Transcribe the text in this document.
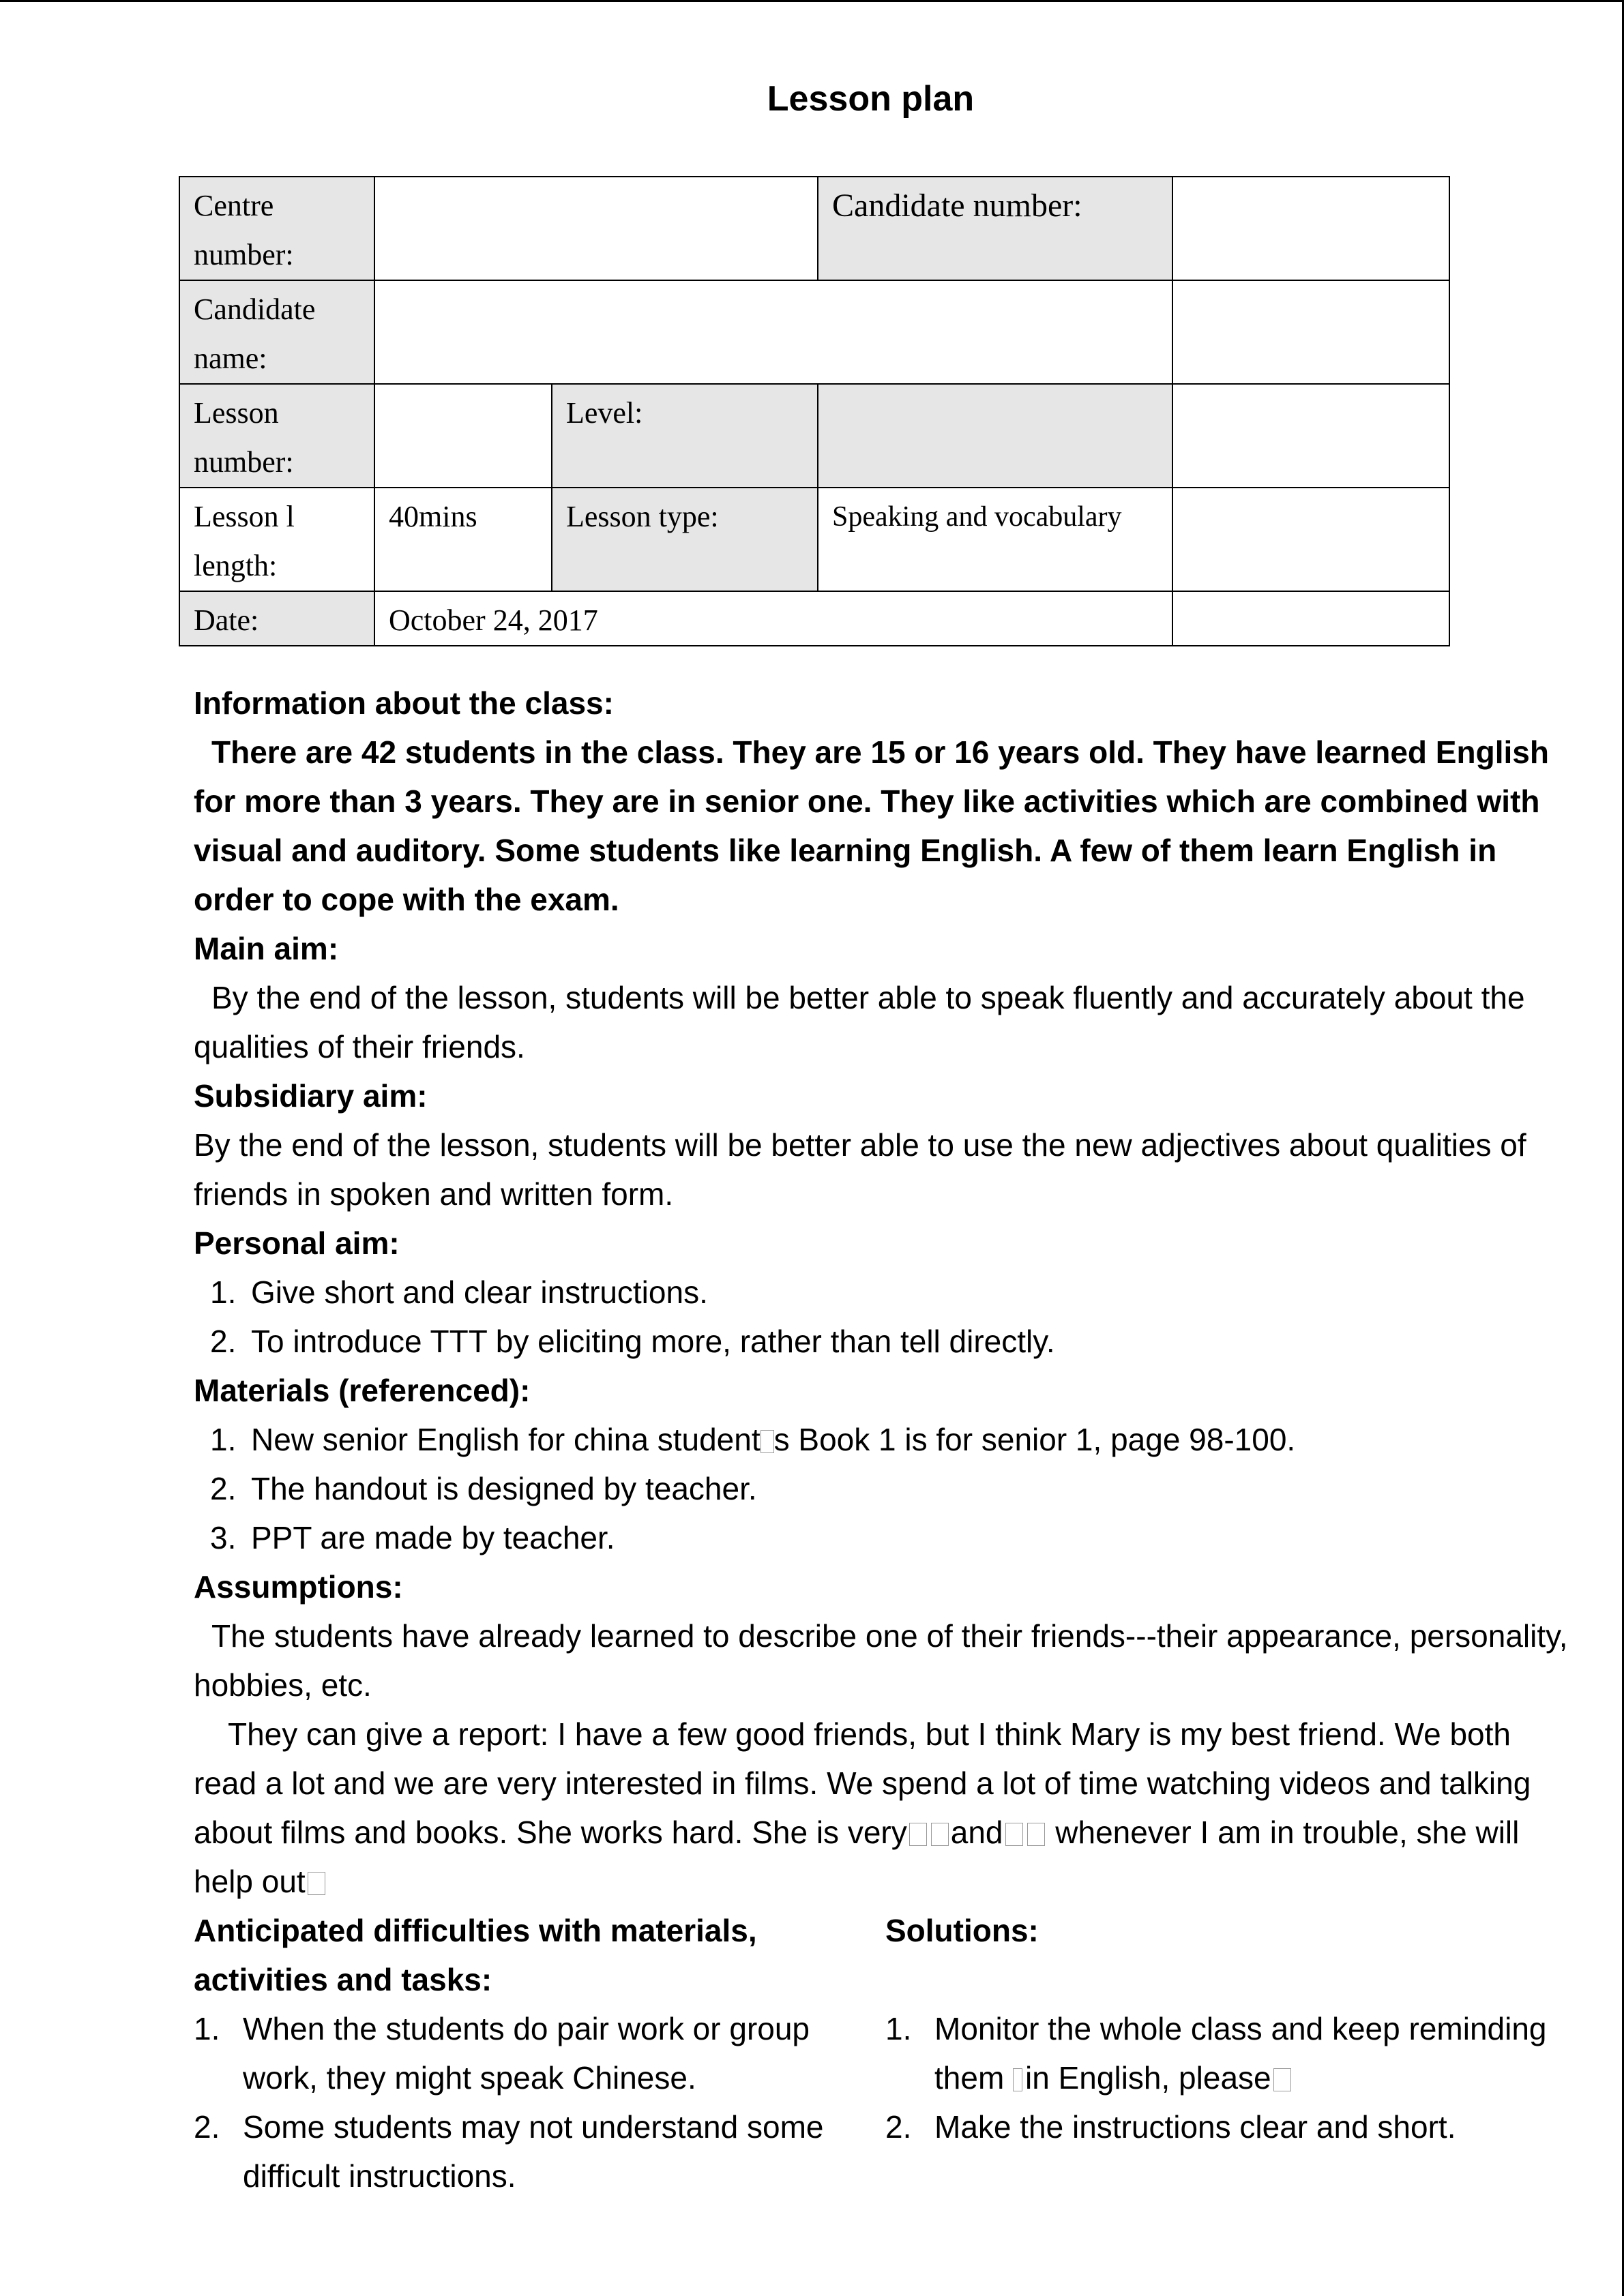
Lesson plan
Centre number:			Candidate number:	
Candidate name:				
Lesson number:		Level:		
Lesson l length:	40mins	Lesson type:	Speaking and vocabulary	
Date:	October 24, 2017			

Information about the class:

There are 42 students in the class. They are 15 or 16 years old. They have learned English for more than 3 years. They are in senior one. They like activities which are combined with visual and auditory. Some students like learning English. A few of them learn English in order to cope with the exam.

Main aim:

By the end of the lesson, students will be better able to speak fluently and accurately about the qualities of their friends.

Subsidiary aim:

By the end of the lesson, students will be better able to use the new adjectives about qualities of friends in spoken and written form.

Personal aim:

1. Give short and clear instructions.
2. To introduce TTT by eliciting more, rather than tell directly.

Materials (referenced):

1. New senior English for china student s Book 1 is for senior 1, page 98-100.
2. The handout is designed by teacher.
3. PPT are made by teacher.

Assumptions:

The students have already learned to describe one of their friends---their appearance, personality, hobbies, etc.

They can give a report: I have a few good friends, but I think Mary is my best friend. We both read a lot and we are very interested in films. We spend a lot of time watching videos and talking about films and books. She works hard. She is very and whenever I am in trouble, she will help out

Anticipated difficulties with materials, activities and tasks:

1. When the students do pair work or group work, they might speak Chinese.
2. Some students may not understand some difficult instructions.

Solutions:

1. Monitor the whole class and keep reminding them in English, please
2. Make the instructions clear and short.
